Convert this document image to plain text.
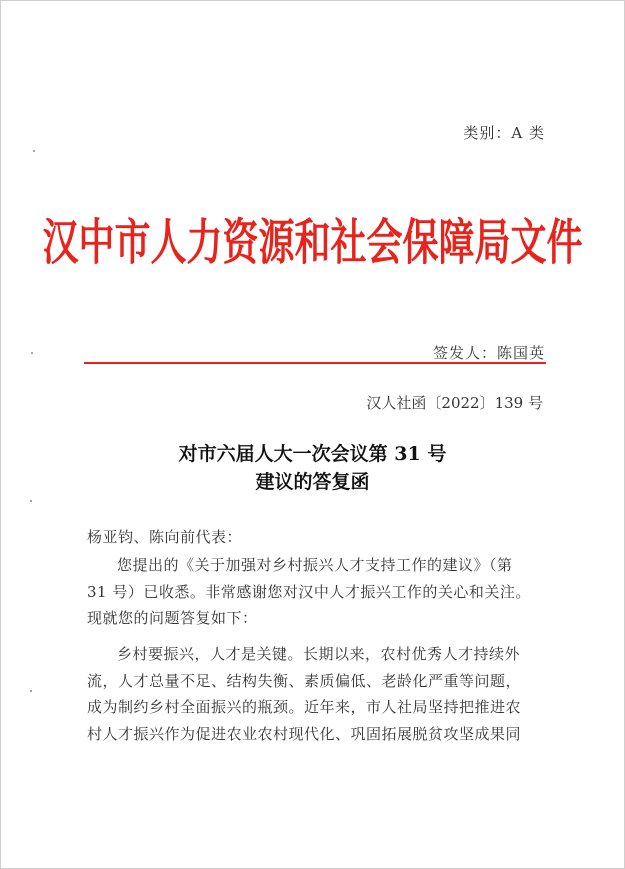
类别：A 类
汉中市人力资源和社会保障局文件
签发人：陈国英
汉人社函〔2022〕139 号
对市六届人大一次会议第 31 号
建议的答复函
杨亚钧、陈向前代表：
您提出的《关于加强对乡村振兴人才支持工作的建议》（第
31 号）已收悉。非常感谢您对汉中人才振兴工作的关心和关注。
现就您的问题答复如下：
乡村要振兴，人才是关键。长期以来，农村优秀人才持续外
流，人才总量不足、结构失衡、素质偏低、老龄化严重等问题，
成为制约乡村全面振兴的瓶颈。近年来，市人社局坚持把推进农
村人才振兴作为促进农业农村现代化、巩固拓展脱贫攻坚成果同
